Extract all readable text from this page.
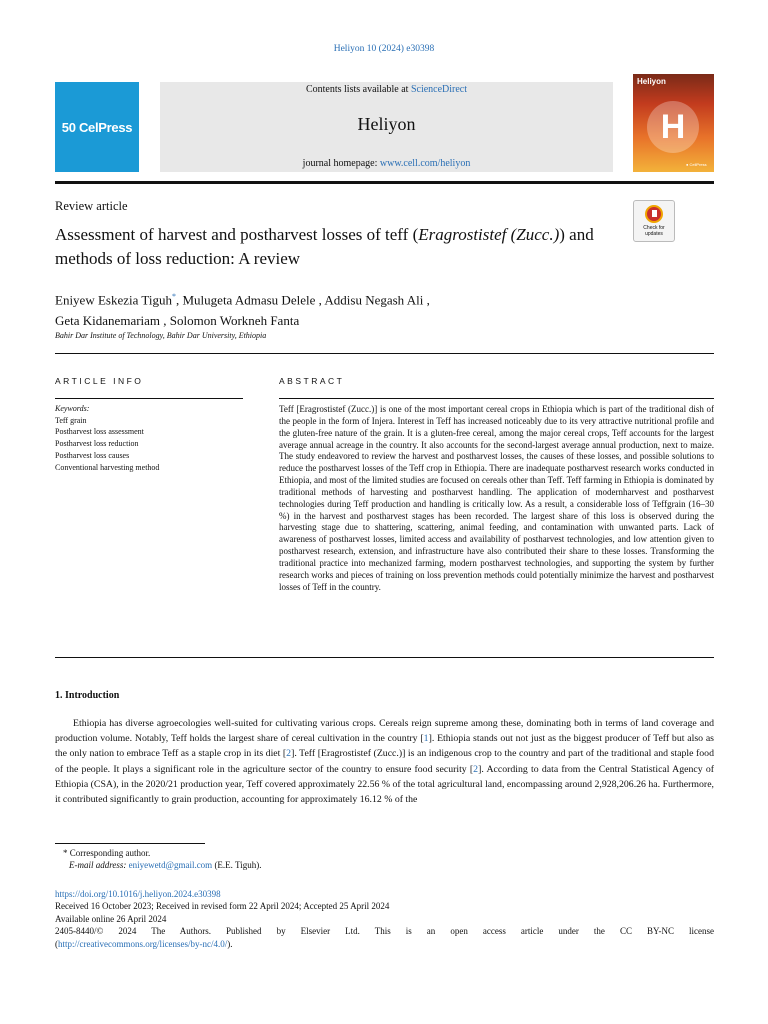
Heliyon 10 (2024) e30398
50 CelPress
Contents lists available at ScienceDirect
Heliyon
journal homepage: www.cell.com/heliyon
Heliyon
H
● CellPress
Review article
Assessment of harvest and postharvest losses of teff (Eragrostistef (Zucc.)) and methods of loss reduction: A review
Check for updates
Eniyew Eskezia Tiguh*, Mulugeta Admasu Delele , Addisu Negash Ali ,
Geta Kidanemariam , Solomon Workneh Fanta
Bahir Dar Institute of Technology, Bahir Dar University, Ethiopia
ARTICLE INFO
Keywords:
Teff grain
Postharvest loss assessment
Postharvest loss reduction
Postharvest loss causes
Conventional harvesting method
ABSTRACT
Teff [Eragrostistef (Zucc.)] is one of the most important cereal crops in Ethiopia which is part of the traditional dish of the people in the form of Injera. Interest in Teff has increased noticeably due to its very attractive nutritional profile and the gluten-free nature of the grain. It is a gluten-free cereal, among the major cereal crops, Teff accounts for the largest average annual acreage in the country. It also accounts for the second-largest average annual production, next to maize. The study endeavored to review the harvest and postharvest losses, the causes of these losses, and possible solutions to reduce the postharvest losses of the Teff crop in Ethiopia. There are inadequate postharvest research works conducted in Ethiopia, and most of the limited studies are focused on cereals other than Teff. Teff farming in Ethiopia is dominated by traditional methods of harvesting and postharvest handling. The application of modernharvest and postharvest technologies during Teff production and handling is critically low. As a result, a considerable loss of Teffgrain (16–30 %) in the harvest and postharvest stages has been recorded. The largest share of this loss is observed during the harvesting stage due to shattering, scattering, animal feeding, and contamination with unwanted parts. Lack of awareness of postharvest losses, limited access and availability of postharvest technologies, and low attention given to postharvest research, extension, and infrastructure have also contributed their share to these losses. Transforming the traditional practice into mechanized farming, modern postharvest technologies, and supporting the system by further research works and pieces of training on loss prevention methods could potentially minimize the harvest and postharvest losses of Teff in the country.
1. Introduction
Ethiopia has diverse agroecologies well-suited for cultivating various crops. Cereals reign supreme among these, dominating both in terms of land coverage and production volume. Notably, Teff holds the largest share of cereal cultivation in the country [1]. Ethiopia stands out not just as the biggest producer of Teff but also as the only nation to embrace Teff as a staple crop in its diet [2]. Teff [Eragrostistef (Zucc.)] is an indigenous crop to the country and part of the traditional and staple food of the people. It plays a significant role in the agriculture sector of the country to ensure food security [2]. According to data from the Central Statistical Agency of Ethiopia (CSA), in the 2020/21 production year, Teff covered approximately 22.56 % of the total agricultural land, encompassing around 2,928,206.26 ha. Furthermore, it contributed significantly to grain production, accounting for approximately 16.12 % of the
* Corresponding author.
E-mail address: eniyewetd@gmail.com (E.E. Tiguh).
https://doi.org/10.1016/j.heliyon.2024.e30398
Received 16 October 2023; Received in revised form 22 April 2024; Accepted 25 April 2024
Available online 26 April 2024
2405-8440/© 2024 The Authors. Published by Elsevier Ltd. This is an open access article under the CC BY-NC license
(http://creativecommons.org/licenses/by-nc/4.0/).
